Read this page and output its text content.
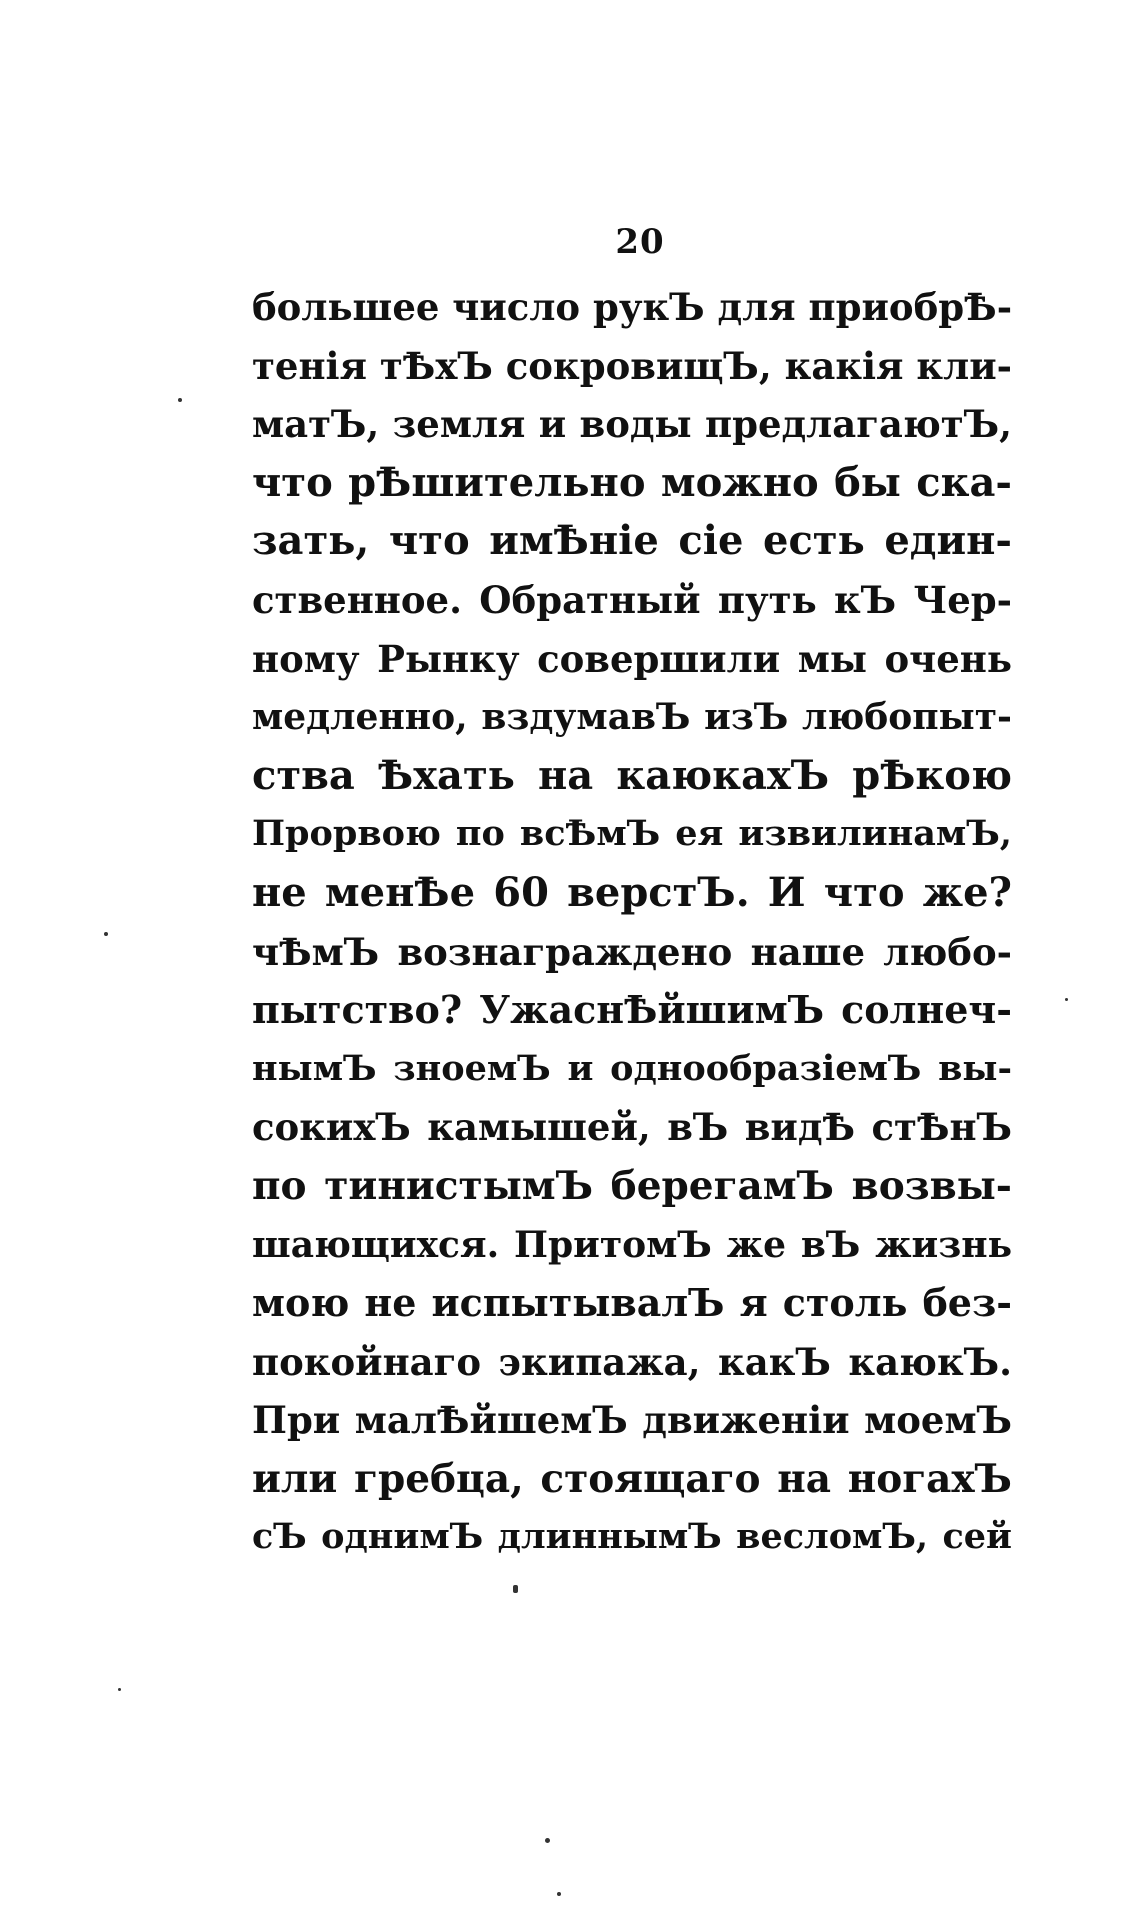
20
большее число рукЪ для приобрѢ-
тенія тѢхЪ сокровищЪ, какія кли-
матЪ, земля и воды предлагаютЪ,
что рѢшительно можно бы ска-
зать, что имѢніе сіе есть един-
ственное. Обратный путь кЪ Чер-
ному Рынку совершили мы очень
медленно, вздумавЪ изЪ любопыт-
ства Ѣхать на каюкахЪ рѢкою
Прорвою по всѢмЪ ея извилинамЪ,
не менѢе 60 верстЪ. И что же?
чѢмЪ вознаграждено наше любо-
пытство? УжаснѢйшимЪ солнеч-
нымЪ зноемЪ и однообразіемЪ вы-
сокихЪ камышей, вЪ видѢ стѢнЪ
по тинистымЪ берегамЪ возвы-
шающихся. ПритомЪ же вЪ жизнь
мою не испытывалЪ я столь без-
покойнаго экипажа, какЪ каюкЪ.
При малѢйшемЪ движеніи моемЪ
или гребца, стоящаго на ногахЪ
сЪ однимЪ длиннымЪ весломЪ, сей
